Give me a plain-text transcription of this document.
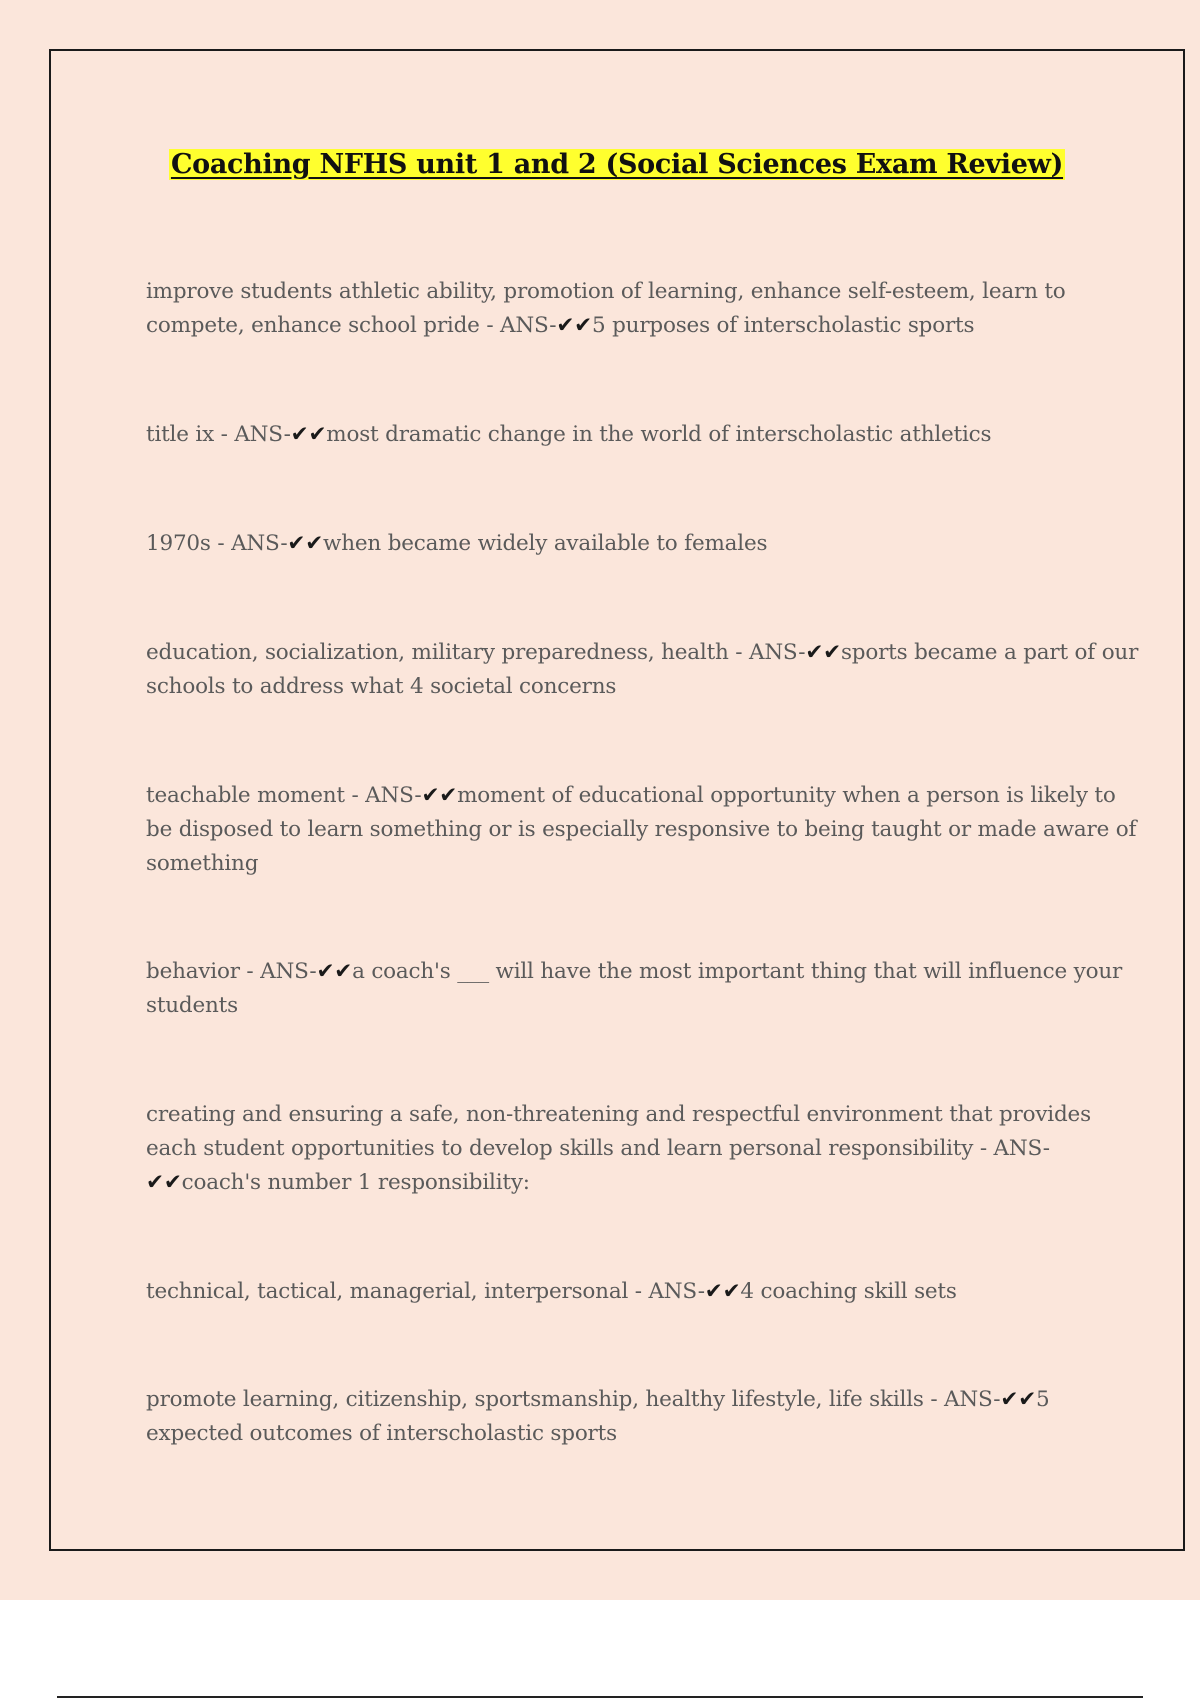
Coaching NFHS unit 1 and 2 (Social Sciences Exam Review)
improve students athletic ability, promotion of learning, enhance self-esteem, learn to compete, enhance school pride - ANS-✔✔5 purposes of interscholastic sports
title ix - ANS-✔✔most dramatic change in the world of interscholastic athletics
1970s - ANS-✔✔when became widely available to females
education, socialization, military preparedness, health - ANS-✔✔sports became a part of our schools to address what 4 societal concerns
teachable moment - ANS-✔✔moment of educational opportunity when a person is likely to be disposed to learn something or is especially responsive to being taught or made aware of something
behavior - ANS-✔✔a coach's ___ will have the most important thing that will influence your students
creating and ensuring a safe, non-threatening and respectful environment that provides each student opportunities to develop skills and learn personal responsibility - ANS-✔✔coach's number 1 responsibility:
technical, tactical, managerial, interpersonal - ANS-✔✔4 coaching skill sets
promote learning, citizenship, sportsmanship, healthy lifestyle, life skills - ANS-✔✔5 expected outcomes of interscholastic sports
